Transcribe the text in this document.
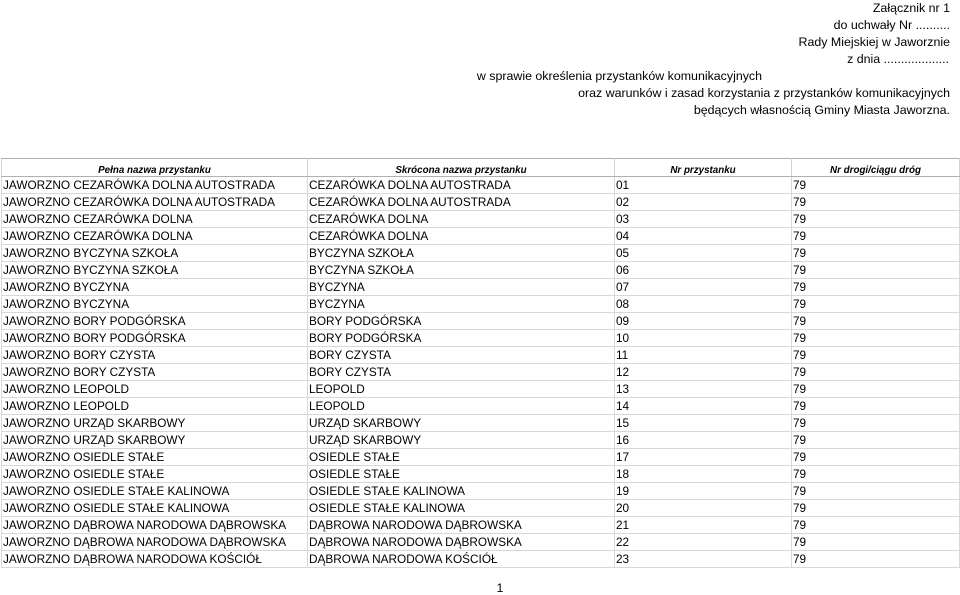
Załącznik nr 1
do uchwały Nr ..........
Rady Miejskiej w Jaworznie
z dnia ...................
w sprawie określenia przystanków komunikacyjnych
oraz warunków i zasad korzystania z przystanków komunikacyjnych
będących własnością Gminy Miasta Jaworzna.
Pełna nazwa przystanku	Skrócona nazwa przystanku	Nr przystanku	Nr drogi/ciągu dróg
JAWORZNO CEZARÓWKA DOLNA AUTOSTRADA	CEZARÓWKA DOLNA AUTOSTRADA	01	79
JAWORZNO CEZARÓWKA DOLNA AUTOSTRADA	CEZARÓWKA DOLNA AUTOSTRADA	02	79
JAWORZNO CEZARÓWKA DOLNA	CEZARÓWKA DOLNA	03	79
JAWORZNO CEZARÓWKA DOLNA	CEZARÓWKA DOLNA	04	79
JAWORZNO BYCZYNA SZKOŁA	BYCZYNA SZKOŁA	05	79
JAWORZNO BYCZYNA SZKOŁA	BYCZYNA SZKOŁA	06	79
JAWORZNO BYCZYNA	BYCZYNA	07	79
JAWORZNO BYCZYNA	BYCZYNA	08	79
JAWORZNO BORY PODGÓRSKA	BORY PODGÓRSKA	09	79
JAWORZNO BORY PODGÓRSKA	BORY PODGÓRSKA	10	79
JAWORZNO BORY CZYSTA	BORY CZYSTA	11	79
JAWORZNO BORY CZYSTA	BORY CZYSTA	12	79
JAWORZNO LEOPOLD	LEOPOLD	13	79
JAWORZNO LEOPOLD	LEOPOLD	14	79
JAWORZNO URZĄD SKARBOWY	URZĄD SKARBOWY	15	79
JAWORZNO URZĄD SKARBOWY	URZĄD SKARBOWY	16	79
JAWORZNO OSIEDLE STAŁE	OSIEDLE STAŁE	17	79
JAWORZNO OSIEDLE STAŁE	OSIEDLE STAŁE	18	79
JAWORZNO OSIEDLE STAŁE KALINOWA	OSIEDLE STAŁE KALINOWA	19	79
JAWORZNO OSIEDLE STAŁE KALINOWA	OSIEDLE STAŁE KALINOWA	20	79
JAWORZNO DĄBROWA NARODOWA DĄBROWSKA	DĄBROWA NARODOWA DĄBROWSKA	21	79
JAWORZNO DĄBROWA NARODOWA DĄBROWSKA	DĄBROWA NARODOWA DĄBROWSKA	22	79
JAWORZNO DĄBROWA NARODOWA KOŚCIÓŁ	DĄBROWA NARODOWA KOŚCIÓŁ	23	79
1
